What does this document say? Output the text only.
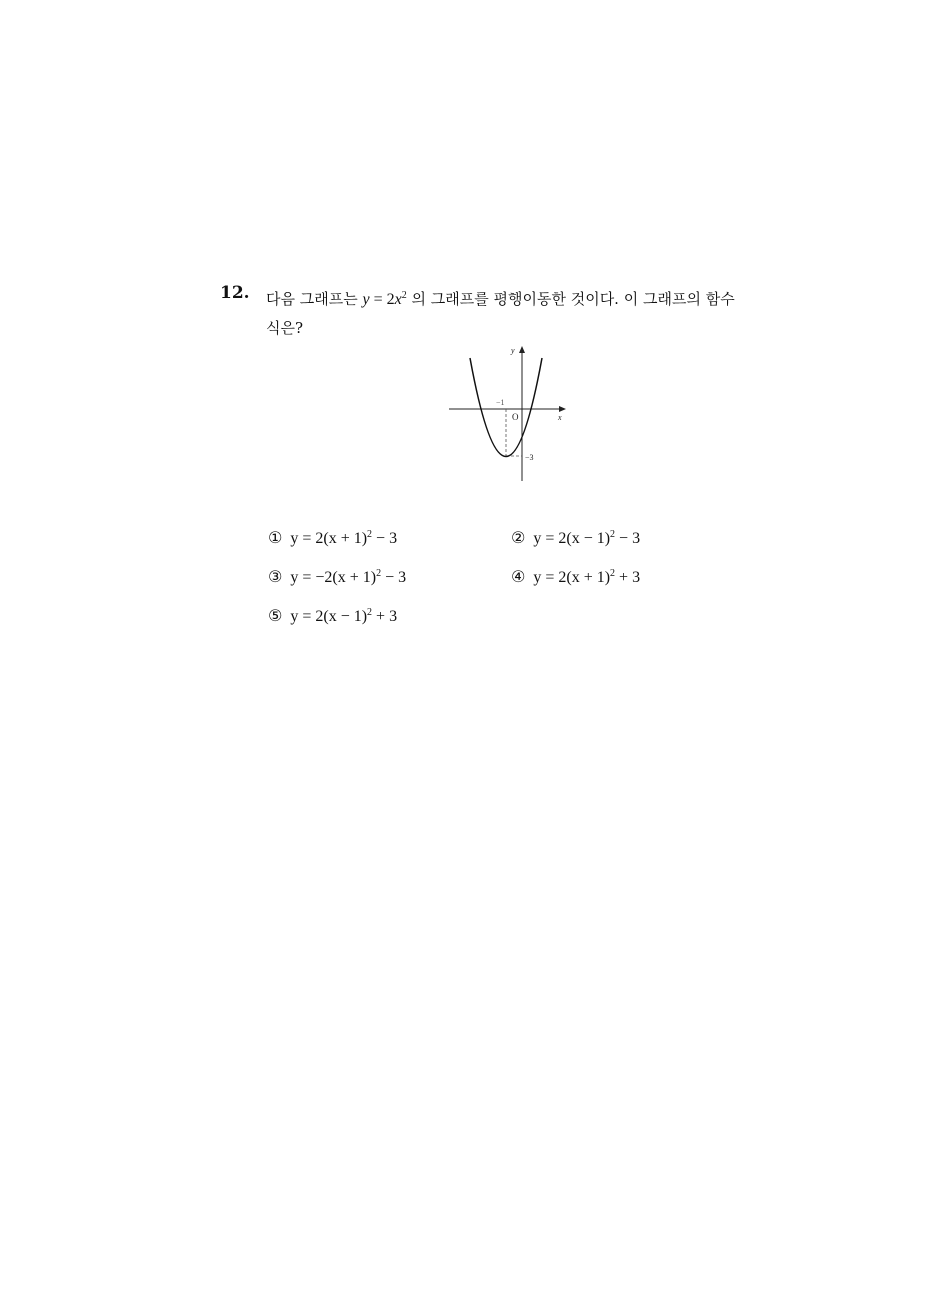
12. 다음 그래프는 $y = 2x^2$ 의 그래프를 평행이동한 것이다. 이 그래프의 함수식은?
y
x
O
−1
−3
① $y = 2(x + 1)^2 - 3$	② $y = 2(x - 1)^2 - 3$
③ $y = -2(x + 1)^2 - 3$	④ $y = 2(x + 1)^2 + 3$
⑤ $y = 2(x - 1)^2 + 3$
